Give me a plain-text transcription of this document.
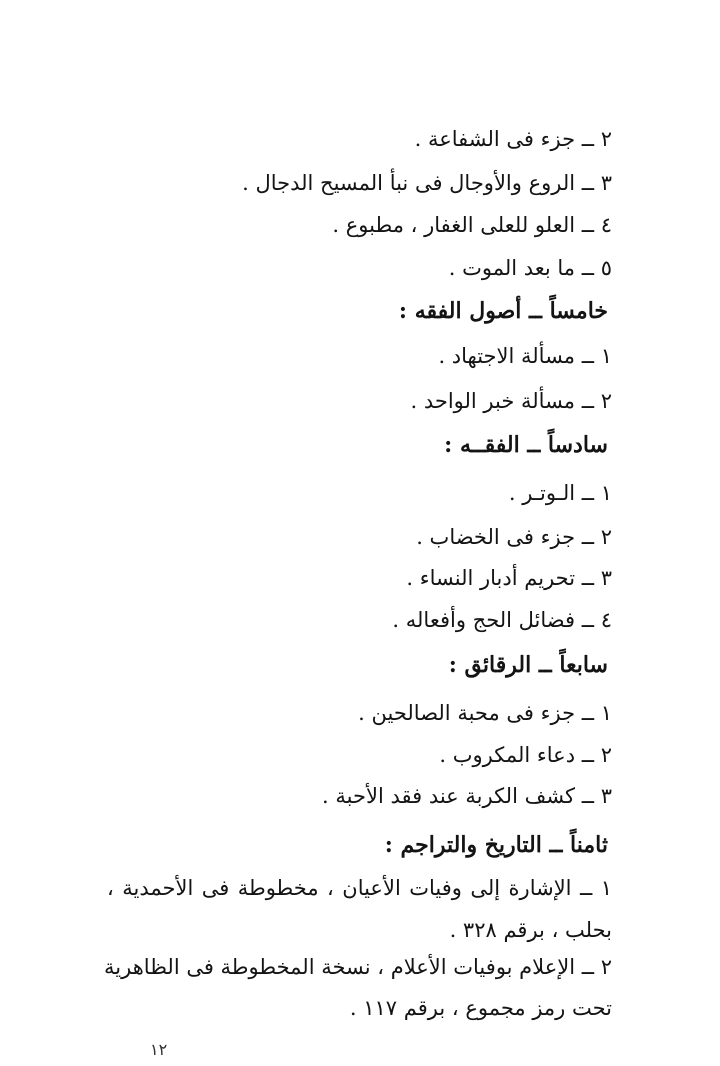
٢ ــ جزء فى الشفاعة .
٣ ــ الروع والأوجال فى نبأ المسيح الدجال .
٤ ــ العلو للعلى الغفار ، مطبوع .
٥ ــ ما بعد الموت .
خامساً ــ أصول الفقه :
١ ــ مسألة الاجتهاد .
٢ ــ مسألة خبر الواحد .
سادساً ــ الفقــه :
١ ــ الـوتـر .
٢ ــ جزء فى الخضاب .
٣ ــ تحريم أدبار النساء .
٤ ــ فضائل الحج وأفعاله .
سابعاً ــ الرقائق :
١ ــ جزء فى محبة الصالحين .
٢ ــ دعاء المكروب .
٣ ــ كشف الكربة عند فقد الأحبة .
ثامناً ــ التاريخ والتراجم :
١ ــ الإشارة إلى وفيات الأعيان ، مخطوطة فى الأحمدية ،
بحلب ، برقم ٣٢٨ .
٢ ــ الإعلام بوفيات الأعلام ، نسخة المخطوطة فى الظاهرية
تحت رمز مجموع ، برقم ١١٧ .
١٢
